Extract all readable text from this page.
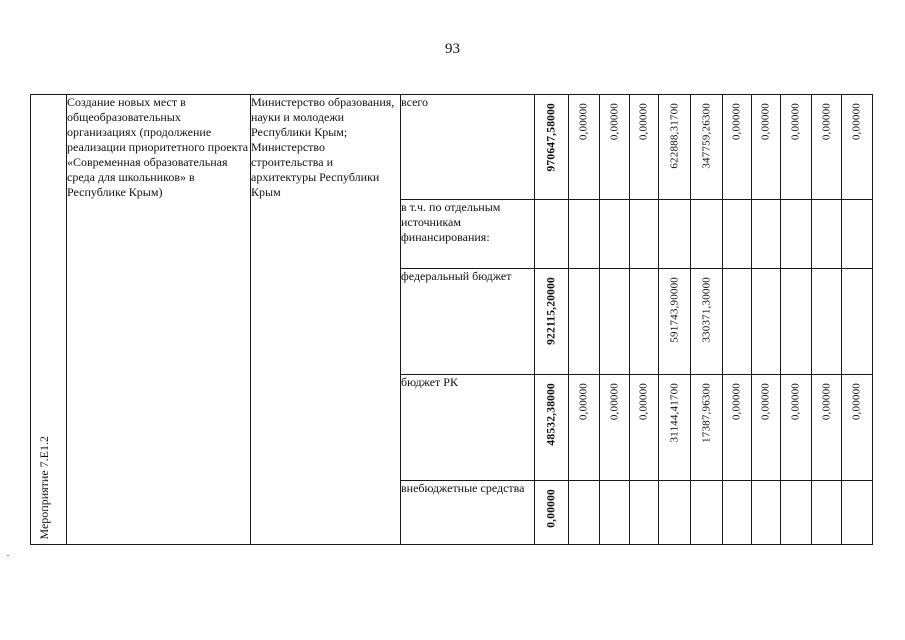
93
Мероприятие 7.Е1.2	Создание новых мест в общеобразовательных организациях (продолжение реализации приоритетного проекта «Современная образовательная среда для школьников» в Республике Крым)	Министерство образования, науки и молодежи Республики Крым; Министерство строительства и архитектуры Республики Крым	всего	970647,58000	0,00000	0,00000	0,00000	622888,31700	347759,26300	0,00000	0,00000	0,00000	0,00000	0,00000

			в т.ч. по отдельным источникам финансирования:	

			федеральный бюджет	922115,20000				591743,90000	330371,30000					

			бюджет РК	48532,38000	0,00000	0,00000	0,00000	31144,41700	17387,96300	0,00000	0,00000	0,00000	0,00000	0,00000

			внебюджетные средства	0,00000										
